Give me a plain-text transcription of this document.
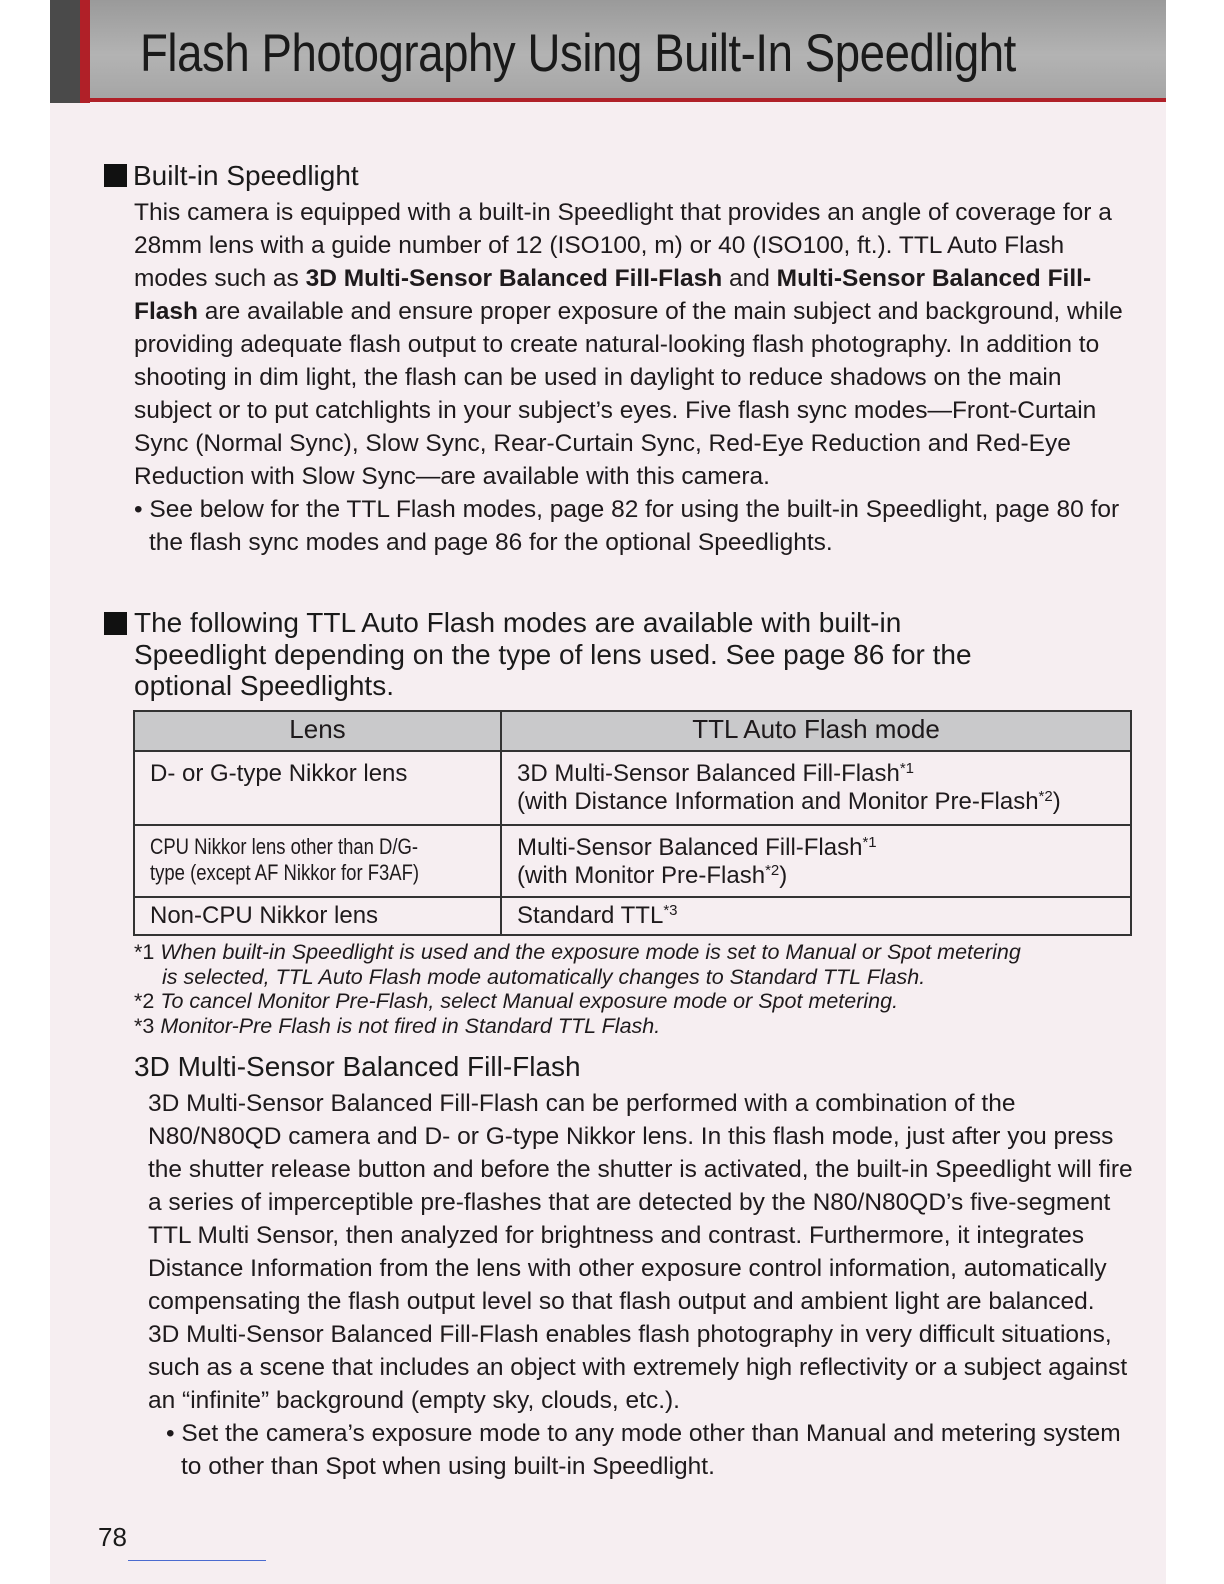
Flash Photography Using Built-In Speedlight
Built-in Speedlight

This camera is equipped with a built-in Speedlight that provides an angle of coverage for a 28mm lens with a guide number of 12 (ISO100, m) or 40 (ISO100, ft.). TTL Auto Flash modes such as 3D Multi-Sensor Balanced Fill-Flash and Multi-Sensor Balanced Fill-Flash are available and ensure proper exposure of the main subject and background, while providing adequate flash output to create natural-looking flash photography. In addition to shooting in dim light, the flash can be used in daylight to reduce shadows on the main subject or to put catchlights in your subject’s eyes. Five flash sync modes—Front-Curtain Sync (Normal Sync), Slow Sync, Rear-Curtain Sync, Red-Eye Reduction and Red-Eye Reduction with Slow Sync—are available with this camera.

• See below for the TTL Flash modes, page 82 for using the built-in Speedlight, page 80 for the flash sync modes and page 86 for the optional Speedlights.

The following TTL Auto Flash modes are available with built-in

Speedlight depending on the type of lens used. See page 86 for the

optional Speedlights.

Lens	TTL Auto Flash mode
D- or G-type Nikkor lens	3D Multi-Sensor Balanced Fill-Flash$^{*1}$
(with Distance Information and Monitor Pre-Flash$^{*2}$)
CPU Nikkor lens other than D/G-
type (except AF Nikkor for F3AF)	Multi-Sensor Balanced Fill-Flash$^{*1}$
(with Monitor Pre-Flash$^{*2}$)
Non-CPU Nikkor lens	Standard TTL$^{*3}$

*1 When built-in Speedlight is used and the exposure mode is set to Manual or Spot metering

is selected, TTL Auto Flash mode automatically changes to Standard TTL Flash.

*2 To cancel Monitor Pre-Flash, select Manual exposure mode or Spot metering.

*3 Monitor-Pre Flash is not fired in Standard TTL Flash.

3D Multi-Sensor Balanced Fill-Flash

3D Multi-Sensor Balanced Fill-Flash can be performed with a combination of the N80/N80QD camera and D- or G-type Nikkor lens. In this flash mode, just after you press the shutter release button and before the shutter is activated, the built-in Speedlight will fire a series of imperceptible pre-flashes that are detected by the N80/N80QD’s five-segment TTL Multi Sensor, then analyzed for brightness and contrast. Furthermore, it integrates Distance Information from the lens with other exposure control information, automatically compensating the flash output level so that flash output and ambient light are balanced.

3D Multi-Sensor Balanced Fill-Flash enables flash photography in very difficult situations, such as a scene that includes an object with extremely high reflectivity or a subject against an “infinite” background (empty sky, clouds, etc.).

• Set the camera’s exposure mode to any mode other than Manual and metering system to other than Spot when using built-in Speedlight.

78
